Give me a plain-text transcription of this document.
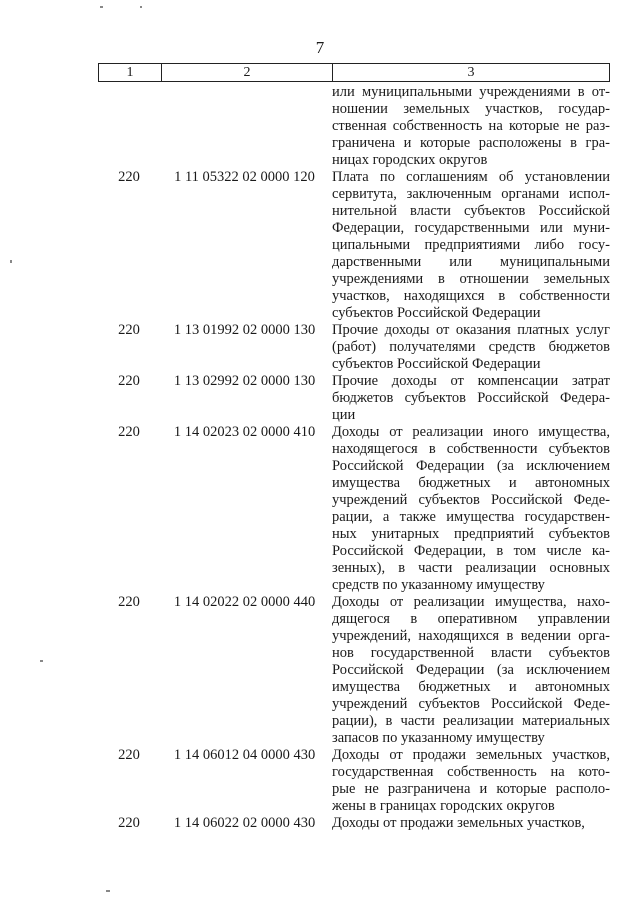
7
1	2	3
или муниципальными учреждениями в от-
ношении земельных участков, государ-
ственная собственность на которые не раз-
граничена и которые расположены в гра-
ницах городских округов
220	1 11 05322 02 0000 120	Плата по соглашениям об установлении
сервитута, заключенным органами испол-
нительной власти субъектов Российской
Федерации, государственными или муни-
ципальными предприятиями либо госу-
дарственными или муниципальными
учреждениями в отношении земельных
участков, находящихся в собственности
субъектов Российской Федерации
220	1 13 01992 02 0000 130	Прочие доходы от оказания платных услуг
(работ) получателями средств бюджетов
субъектов Российской Федерации
220	1 13 02992 02 0000 130	Прочие доходы от компенсации затрат
бюджетов субъектов Российской Федера-
ции
220	1 14 02023 02 0000 410	Доходы от реализации иного имущества,
находящегося в собственности субъектов
Российской Федерации (за исключением
имущества бюджетных и автономных
учреждений субъектов Российской Феде-
рации, а также имущества государствен-
ных унитарных предприятий субъектов
Российской Федерации, в том числе ка-
зенных), в части реализации основных
средств по указанному имуществу
220	1 14 02022 02 0000 440	Доходы от реализации имущества, нахо-
дящегося в оперативном управлении
учреждений, находящихся в ведении орга-
нов государственной власти субъектов
Российской Федерации (за исключением
имущества бюджетных и автономных
учреждений субъектов Российской Феде-
рации), в части реализации материальных
запасов по указанному имуществу
220	1 14 06012 04 0000 430	Доходы от продажи земельных участков,
государственная собственность на кото-
рые не разграничена и которые располо-
жены в границах городских округов
220	1 14 06022 02 0000 430	Доходы от продажи земельных участков,
